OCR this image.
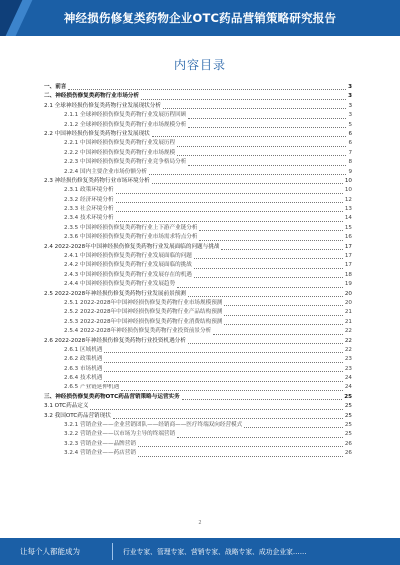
神经损伤修复类药物企业OTC药品营销策略研究报告
内容目录
一、前言	3
二、神经损伤修复类药物行业市场分析	3
2.1 全球神经损伤修复类药物行业发展现状分析	3
2.1.1 全球神经损伤修复类药物行业发展历程回顾	3
2.1.2 全球神经损伤修复类药物行业市场规模分析	5
2.2 中国神经损伤修复类药物行业发展现状	6
2.2.1 中国神经损伤修复类药物行业发展历程	6
2.2.2 中国神经损伤修复类药物行业市场规模	7
2.2.3 中国神经损伤修复类药物行业竞争格局分析	8
2.2.4 国内主要企业市场份额分析	9
2.3 神经损伤修复类药物行业市场环境分析	10
2.3.1 政策环境分析	10
2.3.2 经济环境分析	12
2.3.3 社会环境分析	13
2.3.4 技术环境分析	14
2.3.5 中国神经损伤修复类药物行业上下游产业链分析	15
2.3.6 中国神经损伤修复类药物行业市场需求特点分析	16
2.4 2022-2028年中国神经损伤修复类药物行业发展面临的问题与挑战	17
2.4.1 中国神经损伤修复类药物行业发展面临的问题	17
2.4.2 中国神经损伤修复类药物行业发展面临的挑战	17
2.4.3 中国神经损伤修复类药物行业发展存在的机遇	18
2.4.4 中国神经损伤修复类药物行业发展趋势	19
2.5 2022-2028年神经损伤修复类药物行业发展前景预测	20
2.5.1 2022-2028年中国神经损伤修复类药物行业市场规模预测	20
2.5.2 2022-2028年中国神经损伤修复类药物行业产品结构预测	21
2.5.3 2022-2028年中国神经损伤修复类药物行业消费结构预测	21
2.5.4 2022-2028年神经损伤修复类药物行业投资前景分析	22
2.6 2022-2028年神经损伤修复类药物行业投资机遇分析	22
2.6.1 区域机遇	22
2.6.2 政策机遇	23
2.6.3 市场机遇	23
2.6.4 技术机遇	24
2.6.5 产业链延伸机遇	24
三、神经损伤修复类药物OTC药品营销策略与运营实务	25
3.1 OTC药品定义	25
3.2 我国OTC药品营销现状	25
3.2.1 营销企业——企业营销团队——经销商——医疗终端双向经营模式	25
3.2.2 营销企业——以市场为主导的终端营销	25
3.2.3 营销企业——品牌营销	26
3.2.4 营销企业——药店营销	26
2
让每个人都能成为	行业专家、管理专家、营销专家、战略专家、成功企业家……
